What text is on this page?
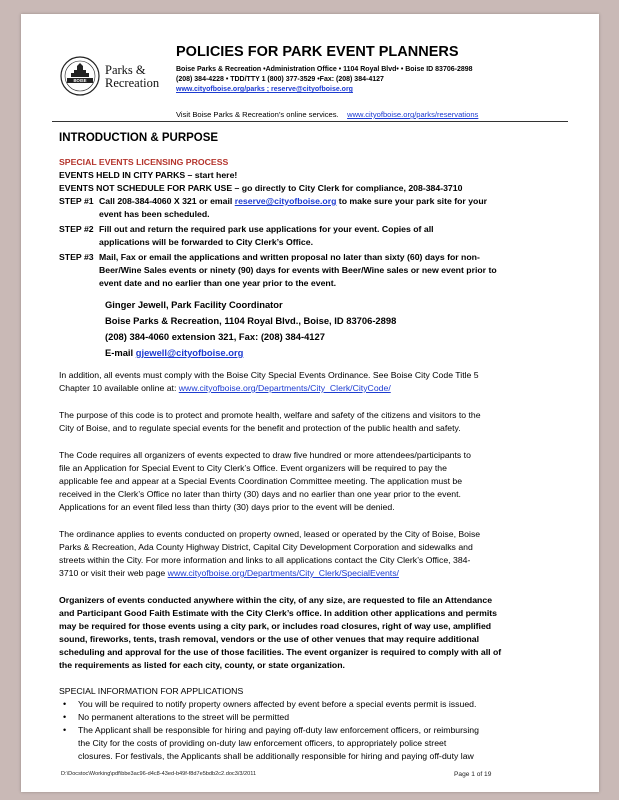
BOISE
Parks &
Recreation
POLICIES FOR PARK EVENT PLANNERS
Boise Parks & Recreation •Administration Office • 1104 Royal Blvd• • Boise ID 83706-2898
(208) 384-4228 • TDD/TTY 1 (800) 377-3529 •Fax: (208) 384-4127
www.cityofboise.org/parks ; reserve@cityofboise.org
Visit Boise Parks & Recreation’s online services. www.cityofboise.org/parks/reservations
INTRODUCTION & PURPOSE
SPECIAL EVENTS LICENSING PROCESS
EVENTS HELD IN CITY PARKS – start here!
EVENTS NOT SCHEDULE FOR PARK USE – go directly to City Clerk for compliance, 208-384-3710
STEP #1 Call 208-384-4060 X 321 or email reserve@cityofboise.org to make sure your park site for your
event has been scheduled.
STEP #2 Fill out and return the required park use applications for your event. Copies of all
applications will be forwarded to City Clerk’s Office.
STEP #3 Mail, Fax or email the applications and written proposal no later than sixty (60) days for non-
Beer/Wine Sales events or ninety (90) days for events with Beer/Wine sales or new event prior to
event date and no earlier than one year prior to the event.
Ginger Jewell, Park Facility Coordinator
Boise Parks & Recreation, 1104 Royal Blvd., Boise, ID 83706-2898
(208) 384-4060 extension 321, Fax: (208) 384-4127
E-mail gjewell@cityofboise.org
In addition, all events must comply with the Boise City Special Events Ordinance. See Boise City Code Title 5
Chapter 10 available online at: www.cityofboise.org/Departments/City_Clerk/CityCode/
The purpose of this code is to protect and promote health, welfare and safety of the citizens and visitors to the
City of Boise, and to regulate special events for the benefit and protection of the public health and safety.
The Code requires all organizers of events expected to draw five hundred or more attendees/participants to
file an Application for Special Event to City Clerk’s Office. Event organizers will be required to pay the
applicable fee and appear at a Special Events Coordination Committee meeting. The application must be
received in the Clerk’s Office no later than thirty (30) days and no earlier than one year prior to the event.
Applications for an event filed less than thirty (30) days prior to the event will be denied.
The ordinance applies to events conducted on property owned, leased or operated by the City of Boise, Boise
Parks & Recreation, Ada County Highway District, Capital City Development Corporation and sidewalks and
streets within the City. For more information and links to all applications contact the City Clerk’s Office, 384-
3710 or visit their web page www.cityofboise.org/Departments/City_Clerk/SpecialEvents/
Organizers of events conducted anywhere within the city, of any size, are requested to file an Attendance
and Participant Good Faith Estimate with the City Clerk’s office. In addition other applications and permits
may be required for those events using a city park, or includes road closures, right of way use, amplified
sound, fireworks, tents, trash removal, vendors or the use of other venues that may require additional
scheduling and approval for the use of those facilities. The event organizer is required to comply with all of
the requirements as listed for each city, county, or state organization.
SPECIAL INFORMATION FOR APPLICATIONS
• You will be required to notify property owners affected by event before a special events permit is issued.
• No permanent alterations to the street will be permitted
• The Applicant shall be responsible for hiring and paying off-duty law enforcement officers, or reimbursing
the City for the costs of providing on-duty law enforcement officers, to appropriately police street
closures. For festivals, the Applicants shall be additionally responsible for hiring and paying off-duty law
D:\Docstoc\Working\pdf\bbe3ac96-d4c8-43ed-b49f-f8d7e5bdb2c2.doc3/3/2011	Page 1 of 19
